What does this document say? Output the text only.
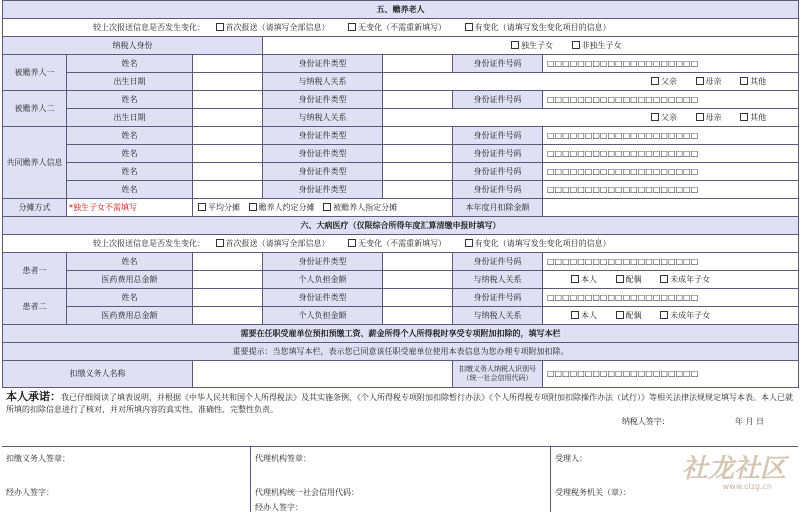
五、赡养老人						
较上次报送信息是否发生变化： 首次报送（请填写全部信息） 无变化（不需重新填写） 有变化（请填写发生变化项目的信息）						
纳税人身份			独生子女 非独生子女			
被赡养人一	姓名		身份证件类型		身份证件号码	□□□□□□□□□□□□□□□□□□□□
	出生日期		与纳税人关系	父亲 母亲 其他		
被赡养人二	姓名		身份证件类型		身份证件号码	□□□□□□□□□□□□□□□□□□□□
	出生日期		与纳税人关系	父亲 母亲 其他		
共同赡养人信息	姓名		身份证件类型		身份证件号码	□□□□□□□□□□□□□□□□□□□□
	姓名		身份证件类型		身份证件号码	□□□□□□□□□□□□□□□□□□□□
	姓名		身份证件类型		身份证件号码	□□□□□□□□□□□□□□□□□□□□
	姓名		身份证件类型		身份证件号码	□□□□□□□□□□□□□□□□□□□□
分摊方式	*独生子女不需填写	平均分摊 赡养人约定分摊 被赡养人指定分摊			本年度月扣除金额	
六、大病医疗（仅限综合所得年度汇算清缴申报时填写）						
较上次报送信息是否发生变化： 首次报送（请填写全部信息） 无变化（不需重新填写） 有变化（请填写发生变化项目的信息）						
患者一	姓名		身份证件类型		身份证件号码	□□□□□□□□□□□□□□□□□□□□
	医药费用总金额		个人负担金额		与纳税人关系	本人 配偶 未成年子女
患者二	姓名		身份证件类型		身份证件号码	□□□□□□□□□□□□□□□□□□□□
	医药费用总金额		个人负担金额		与纳税人关系	本人 配偶 未成年子女
需要在任职受雇单位预扣预缴工资、薪金所得个人所得税时享受专项附加扣除的，填写本栏						
重要提示：当您填写本栏，表示您已同意该任职受雇单位使用本表信息为您办理专项附加扣除。						
扣缴义务人名称					扣缴义务人纳税人识别号（统一社会信用代码）	□□□□□□□□□□□□□□□□□□□□
本人承诺：我已仔细阅读了填表说明，并根据《中华人民共和国个人所得税法》及其实施条例、《个人所得税专项附加扣除暂行办法》《个人所得税专项附加扣除操作办法（试行）》等相关法律法规规定填写本表。本人已就所填的扣除信息进行了核对，并对所填内容的真实性、准确性、完整性负责。
纳税人签字：	年 月 日
扣缴义务人签章：
经办人签字：
代理机构签章：
代理机构统一社会信用代码：
经办人签字：
受理人：
受理税务机关（章）：
社龙社区
www.clzg.cn
